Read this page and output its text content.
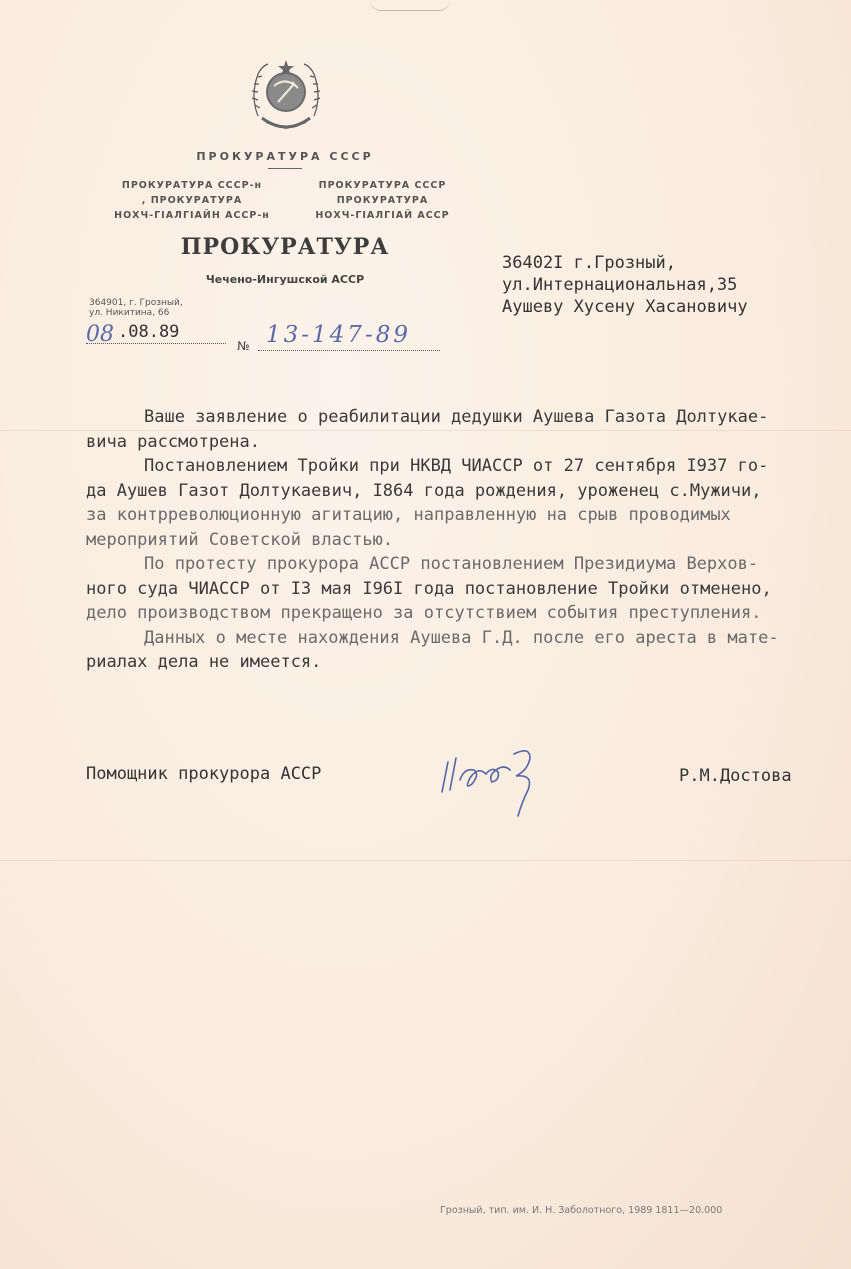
ПРОКУРАТУРА СССР
ПРОКУРАТУРА СССР-н
, ПРОКУРАТУРА
НОХЧ-ГIАЛГIАЙН АССР-н
ПРОКУРАТУРА СССР
ПРОКУРАТУРА
НОХЧ-ГIАЛГIАЙ АССР
ПРОКУРАТУРА
Чечено-Ингушской АССР
364901, г. Грозный,
ул. Никитина, 66
08 .08.89
№ 13-147-89
36402I г.Грозный,
ул.Интернациональная,35
Аушеву Хусену Хасановичу
Ваше заявление о реабилитации дедушки Аушева Газота Долтукае-
вича рассмотрена.
Постановлением Тройки при НКВД ЧИАССР от 27 сентября I937 го-
да Аушев Газот Долтукаевич, I864 года рождения, уроженец с.Мужичи,
за контрреволюционную агитацию, направленную на срыв проводимых
мероприятий Советской властью.
По протесту прокурора АССР постановлением Президиума Верхов-
ного суда ЧИАССР от I3 мая I96I года постановление Тройки отменено,
дело производством прекращено за отсутствием события преступления.
Данных о месте нахождения Аушева Г.Д. после его ареста в мате-
риалах дела не имеется.
Помощник прокурора АССР	Р.М.Достова
Грозный, тип. им. И. Н. Заболотного, 1989 1811—20.000
